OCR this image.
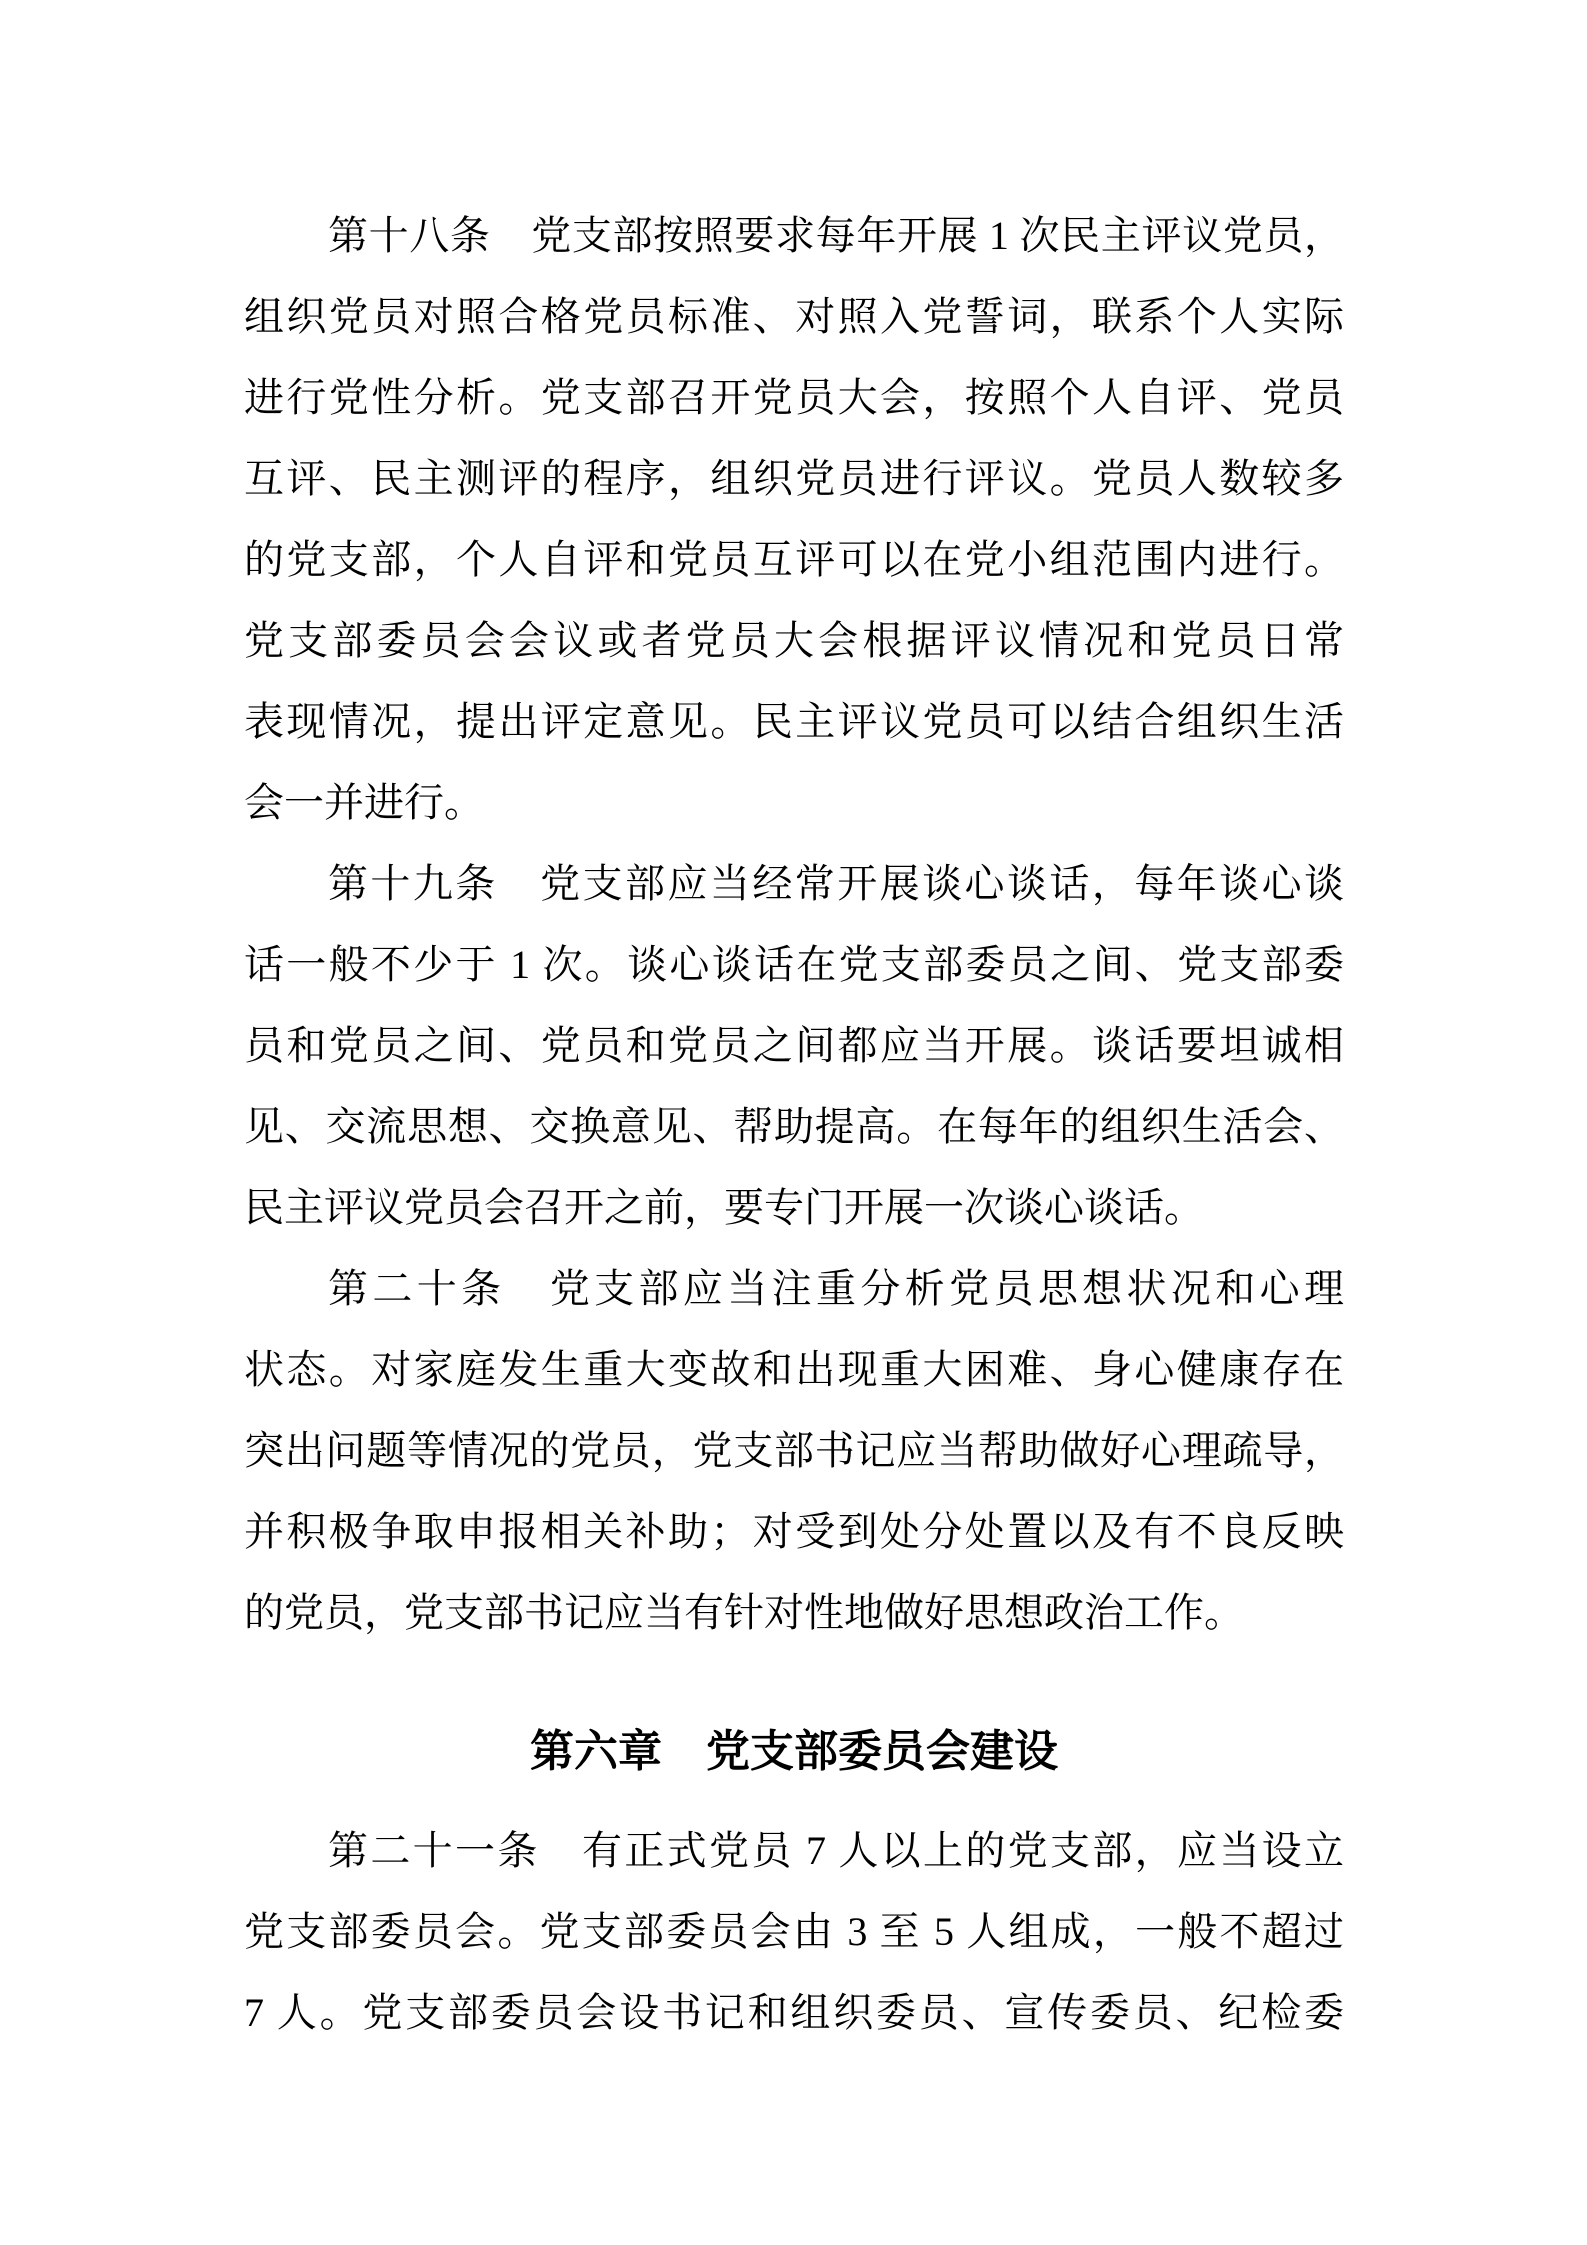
第十八条　党支部按照要求每年开展 1 次民主评议党员，
组织党员对照合格党员标准、对照入党誓词，联系个人实际
进行党性分析。党支部召开党员大会，按照个人自评、党员
互评、民主测评的程序，组织党员进行评议。党员人数较多
的党支部，个人自评和党员互评可以在党小组范围内进行。
党支部委员会会议或者党员大会根据评议情况和党员日常
表现情况，提出评定意见。民主评议党员可以结合组织生活
会一并进行。
第十九条　党支部应当经常开展谈心谈话，每年谈心谈
话一般不少于 1 次。谈心谈话在党支部委员之间、党支部委
员和党员之间、党员和党员之间都应当开展。谈话要坦诚相
见、交流思想、交换意见、帮助提高。在每年的组织生活会、
民主评议党员会召开之前，要专门开展一次谈心谈话。
第二十条　党支部应当注重分析党员思想状况和心理
状态。对家庭发生重大变故和出现重大困难、身心健康存在
突出问题等情况的党员，党支部书记应当帮助做好心理疏导，
并积极争取申报相关补助；对受到处分处置以及有不良反映
的党员，党支部书记应当有针对性地做好思想政治工作。
第六章　党支部委员会建设
第二十一条　有正式党员 7 人以上的党支部，应当设立
党支部委员会。党支部委员会由 3 至 5 人组成，一般不超过
7 人。党支部委员会设书记和组织委员、宣传委员、纪检委
